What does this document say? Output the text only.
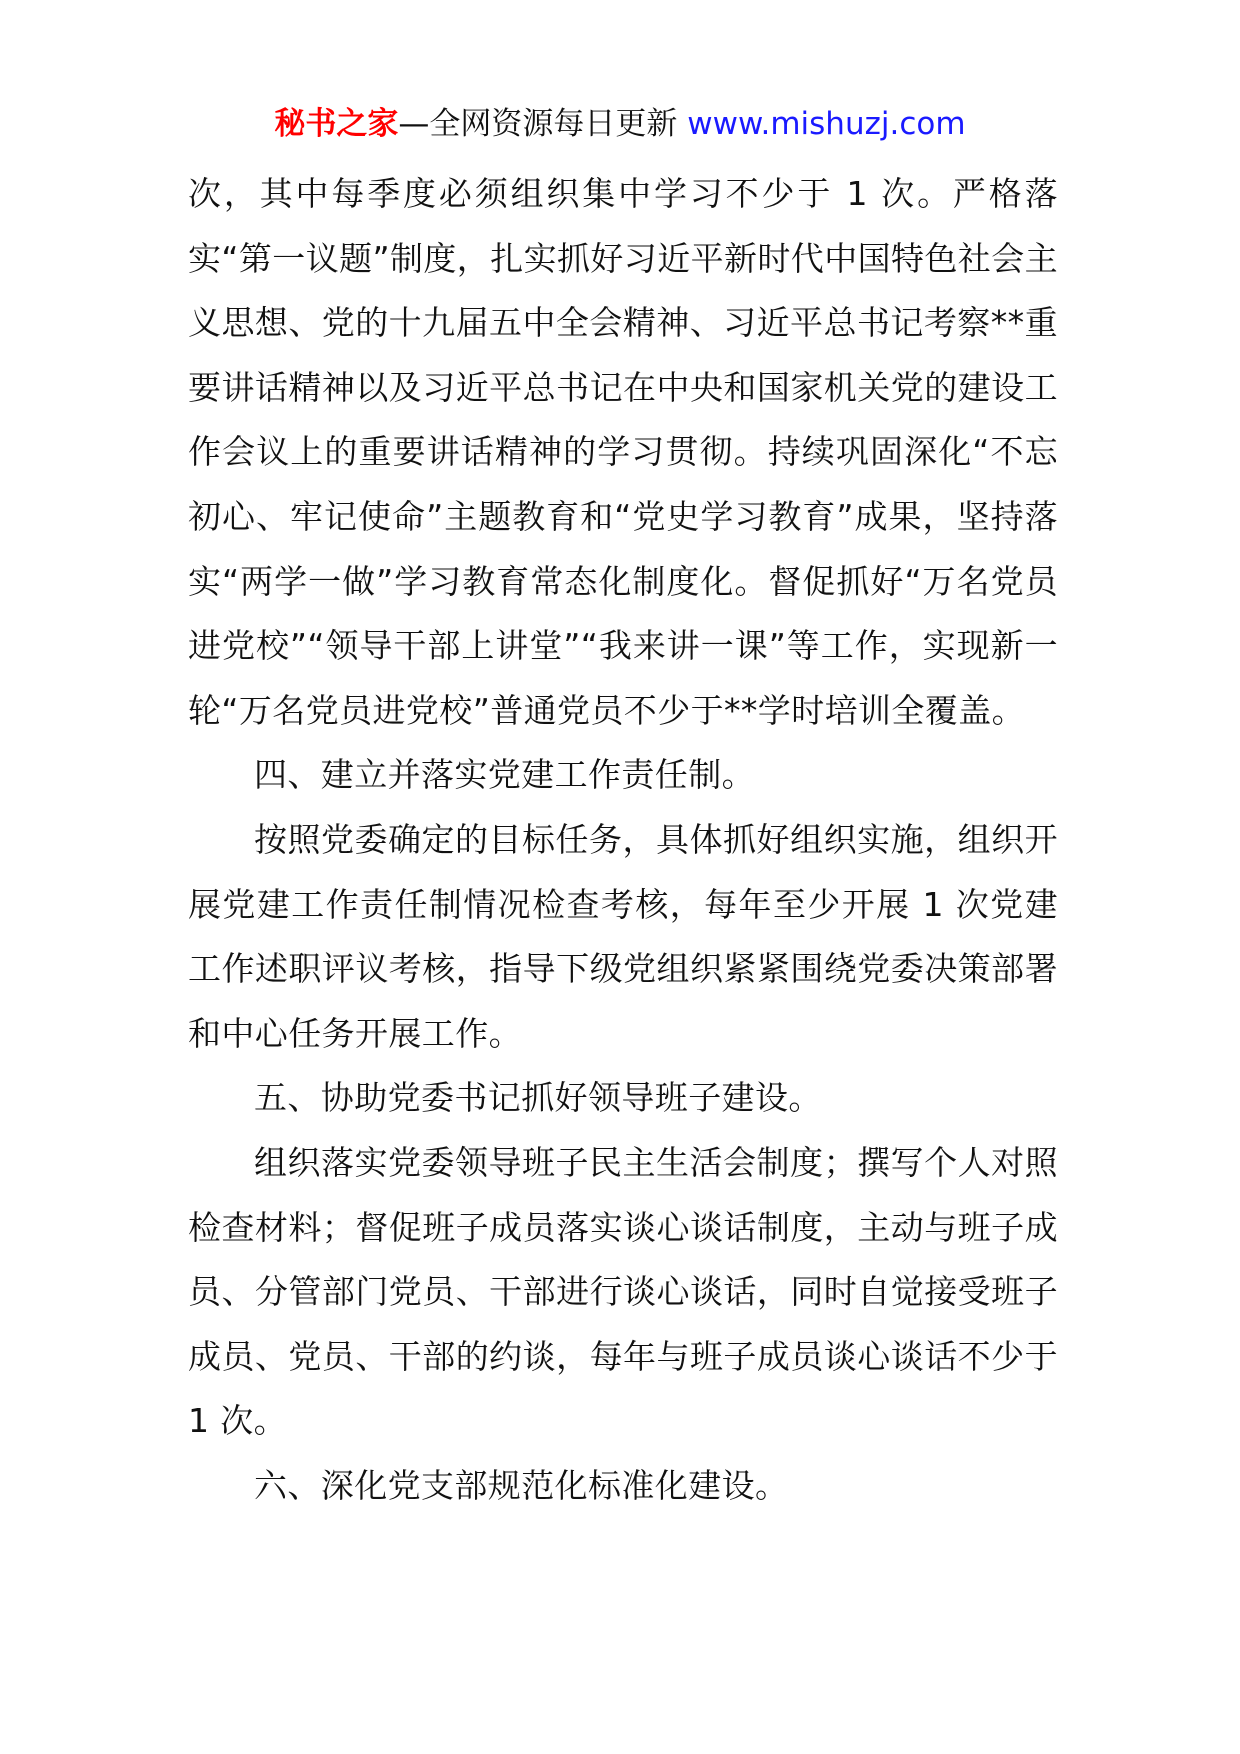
秘书之家—全网资源每日更新 www.mishuzj.com

次，其中每季度必须组织集中学习不少于 1 次。严格落实“第一议题”制度，扎实抓好习近平新时代中国特色社会主义思想、党的十九届五中全会精神、习近平总书记考察**重要讲话精神以及习近平总书记在中央和国家机关党的建设工作会议上的重要讲话精神的学习贯彻。持续巩固深化“不忘初心、牢记使命”主题教育和“党史学习教育”成果，坚持落实“两学一做”学习教育常态化制度化。督促抓好“万名党员进党校”“领导干部上讲堂”“我来讲一课”等工作，实现新一轮“万名党员进党校”普通党员不少于**学时培训全覆盖。

四、建立并落实党建工作责任制。

按照党委确定的目标任务，具体抓好组织实施，组织开展党建工作责任制情况检查考核，每年至少开展 1 次党建工作述职评议考核，指导下级党组织紧紧围绕党委决策部署和中心任务开展工作。

五、协助党委书记抓好领导班子建设。

组织落实党委领导班子民主生活会制度；撰写个人对照检查材料；督促班子成员落实谈心谈话制度，主动与班子成员、分管部门党员、干部进行谈心谈话，同时自觉接受班子成员、党员、干部的约谈，每年与班子成员谈心谈话不少于 1 次。

六、深化党支部规范化标准化建设。
